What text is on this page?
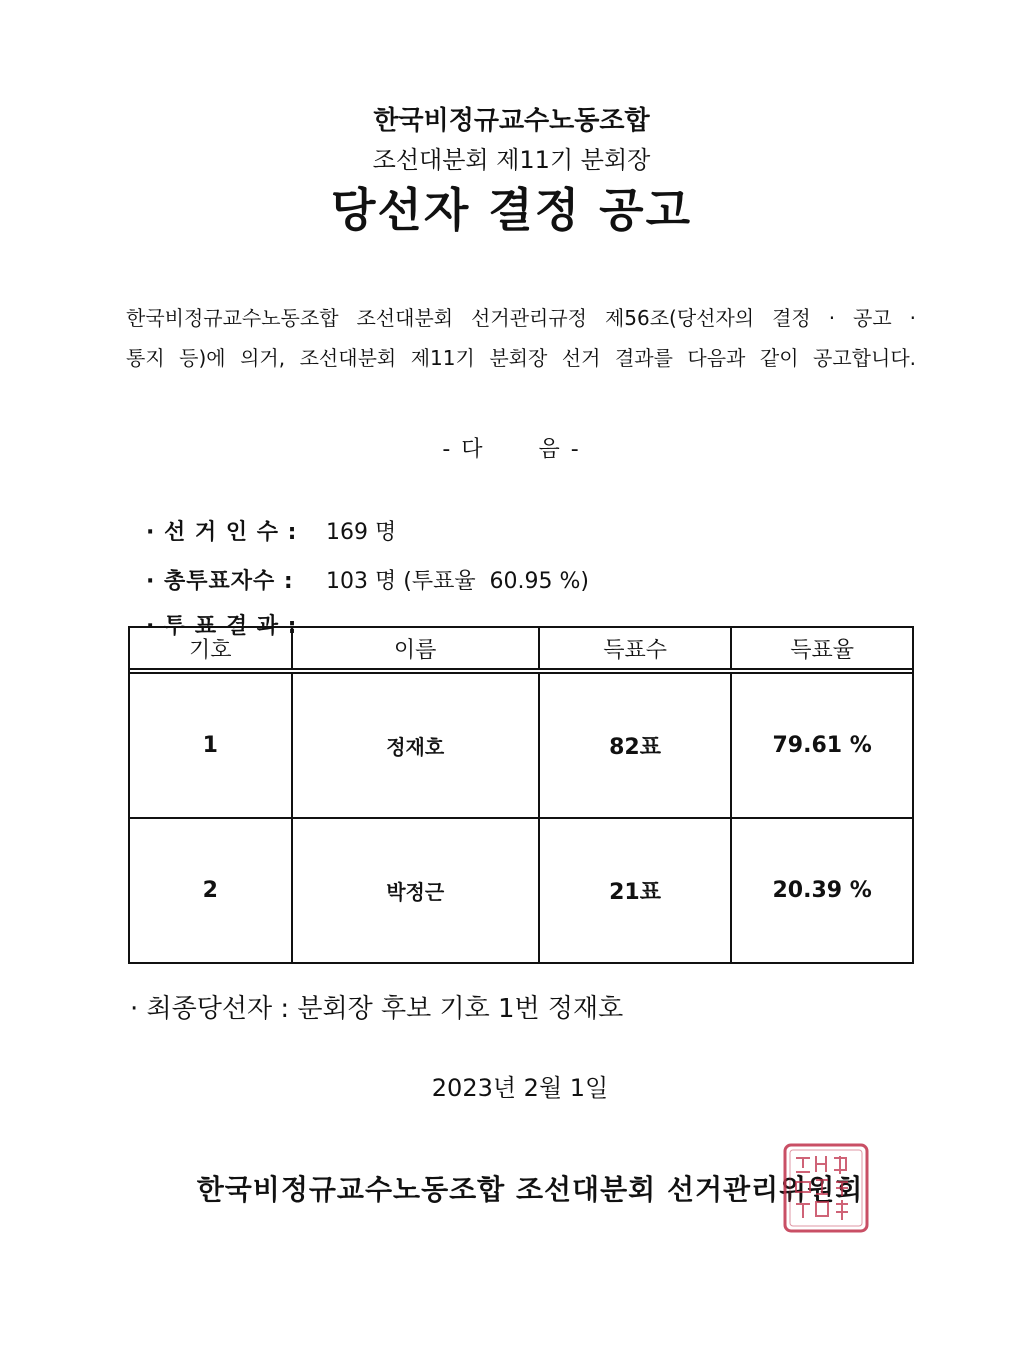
한국비정규교수노동조합
조선대분회 제11기 분회장
당선자 결정 공고
한국비정규교수노동조합 조선대분회 선거관리규정 제56조(당선자의 결정 · 공고 ·
통지 등)에 의거, 조선대분회 제11기 분회장 선거 결과를 다음과 같이 공고합니다.
- 다      음 -

· 선 거 인 수 : 169 명

· 총투표자수 : 103 명 (투표율  60.95 %)

· 투 표 결 과 :

기호	이름	득표수	득표율

1	정재호	82표	79.61 %
2	박정근	21표	20.39 %
· 최종당선자 : 분회장 후보 기호 1번 정재호
2023년 2월 1일
한국비정규교수노동조합 조선대분회 선거관리위원회
